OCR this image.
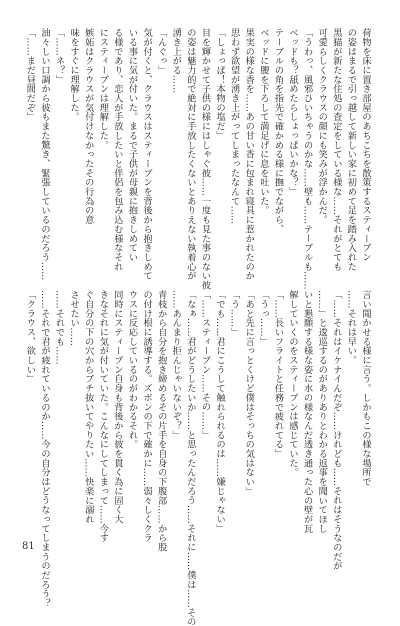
荷物を床に置き部屋のあちこちを散策するスティーブン

の姿はまるで引っ越して新しい家に初めて足を踏み入れた

黒猫が新たな住処の査定をしている様な……それがとても

可愛らしくクラウスの顔にも笑みが浮かんだ。

「うわっ、風邪ひいちゃうのかな……壁も……テーブルも……

ベッドも？舐めたらしょっぱいかな？」

テーブルの角を指先で確かめる様に撫でながら、

ベッドに腰を下ろして満足げに息を吐いた。

果実の様な香を……あの甘い香に包まれ寝具に惹かれたのか

思わず欲望が湧き上がってしまったなんて……

「しょっぱ！本物の塩だ」

目を輝かせて子供の様にはしゃぐ彼……一度も見た事のない彼

の姿は魅力的で絶対に手放したくないとありえない執着心が

湧き上がる……

「んぐっ」

気が付くと、クラウスはスティーブンを背後から抱きしめて

いる事に気が付いた。まるで子供が母親に抱きしめてい

る様であり、恋人が手放したいと伴侶を包み込む様なそれ

にスティーブンは理解した。

嫉妬はクラウスが気付けなかったその行為の意

味をすぐに理解した。

「……ネ？」

油々しい口調から彼もまた驚き、緊張しているのだろう……

「……まだ昼間だぞ」

言い聞かせる様に言う。しかもこの様な場所で

……それは早い。

「……それはイケナイんだぞ……けれども……それはそうなのだが

……」と逡巡するのがありありとわかる返事を聞いてほし

いと懇願する様な姿に水の様なんだ透き通った心の壁が瓦

解していくのをスティーブンは感じていた。

「……長いフライトと任務で疲れてる」

「うっ……」

「あと先に言っとくけど僕はそっちの気はない」

「う……」

「でも……君にこうして触れられるのは……嫌じゃない」

「……スティーブン……その……」

「なぁ……君がどうしたいか……と思ったんだろう……それに……僕は……その

……あんまり拒んじゃいないぞ？」

青枝から自分を抱き締めるその片手を自身の下腹部……から股

の付け根に誘導する。ズボンの下で確かに……弱々しくクラ

ウスに反応しているのがわかるそれ。

同時にスティーブン自身も背後から彼を貫く為に固く大

きなそれに気が付いていた。こんなにしてしまって……今す

ぐ自分の下の穴からブチ抜いてやりたい……快楽に溺れ

させたい……

……それでも……

……それで君が疲れているのか……今の自分はどうなってしまうのだろう？

「クラウス、欲しい」

81
